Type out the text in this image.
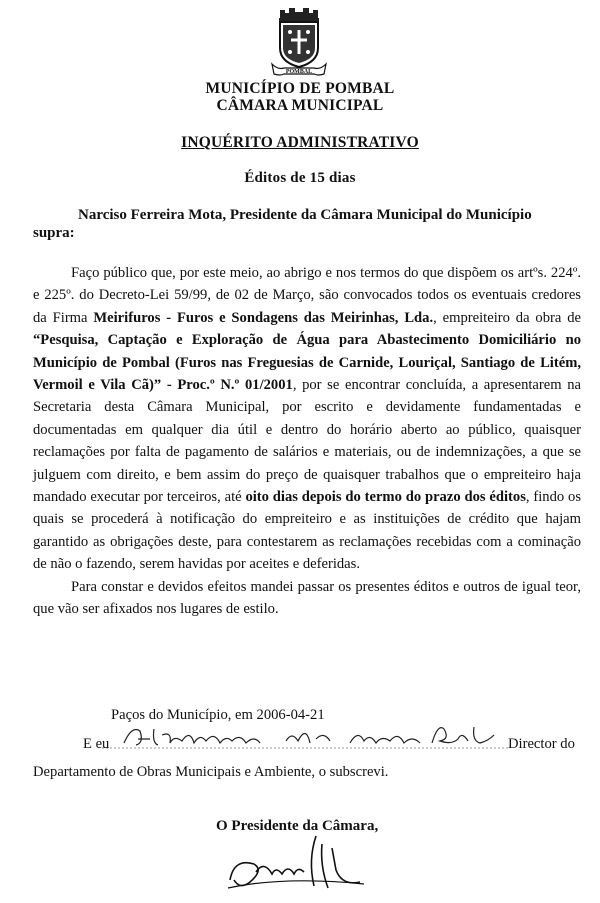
POMBAL
MUNICÍPIO DE POMBAL
CÂMARA MUNICIPAL
INQUÉRITO ADMINISTRATIVO
Éditos de 15 dias
Narciso Ferreira Mota, Presidente da Câmara Municipal do Município
supra:

Faço público que, por este meio, ao abrigo e nos termos do que dispõem os artºs. 224º. e 225º. do Decreto-Lei 59/99, de 02 de Março, são convocados todos os eventuais credores da Firma Meirifuros - Furos e Sondagens das Meirinhas, Lda., empreiteiro da obra de “Pesquisa, Captação e Exploração de Água para Abastecimento Domiciliário no Município de Pombal (Furos nas Freguesias de Carnide, Louriçal, Santiago de Litém, Vermoil e Vila Cã)” - Proc.º N.º 01/2001, por se encontrar concluída, a apresentarem na Secretaria desta Câmara Municipal, por escrito e devidamente fundamentadas e documentadas em qualquer dia útil e dentro do horário aberto ao público, quaisquer reclamações por falta de pagamento de salários e materiais, ou de indemnizações, a que se julguem com direito, e bem assim do preço de quaisquer trabalhos que o empreiteiro haja mandado executar por terceiros, até oito dias depois do termo do prazo dos éditos, findo os quais se procederá à notificação do empreiteiro e as instituições de crédito que hajam garantido as obrigações deste, para contestarem as reclamações recebidas com a cominação de não o fazendo, serem havidas por aceites e deferidas.

Para constar e devidos efeitos mandei passar os presentes éditos e outros de igual teor, que vão ser afixados nos lugares de estilo.

Paços do Município, em 2006-04-21
E eu	Director do
Departamento de Obras Municipais e Ambiente, o subscrevi.
O Presidente da Câmara,
